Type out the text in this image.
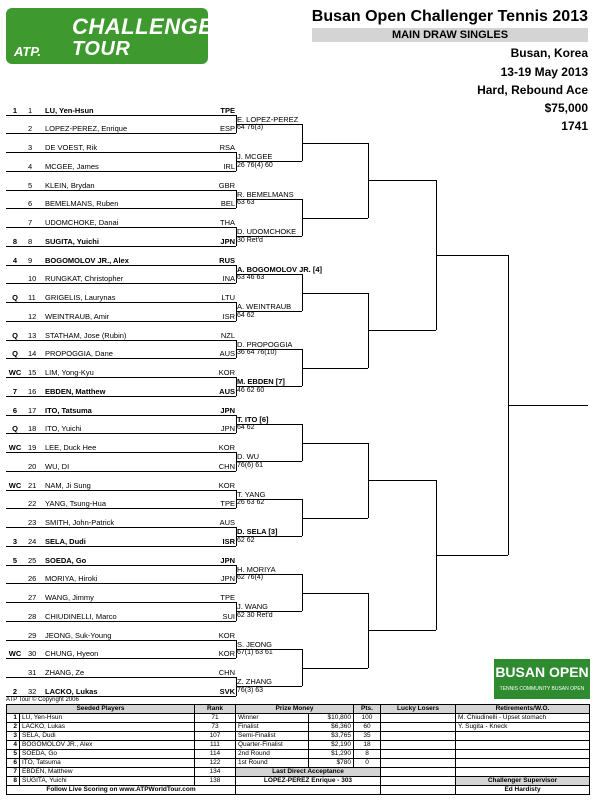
CHALLENGER
TOUR
ATP.
Busan Open Challenger Tennis 2013
MAIN DRAW SINGLES
Busan, Korea
13-19 May 2013
Hard, Rebound Ace
$75,000
1741
1	1 LU, Yen-Hsun	TPE
2 LOPEZ-PEREZ, Enrique	ESP
3 DE VOEST, Rik	RSA
4 MCGEE, James	IRL
5 KLEIN, Brydan	GBR
6 BEMELMANS, Ruben	BEL
7 UDOMCHOKE, Danai	THA
8	8 SUGITA, Yuichi	JPN
4	9 BOGOMOLOV JR., Alex	RUS
10 RUNGKAT, Christopher	INA
Q	11 GRIGELIS, Laurynas	LTU
12 WEINTRAUB, Amir	ISR
Q	13 STATHAM, Jose (Rubin)	NZL
Q	14 PROPOGGIA, Dane	AUS
WC 15 LIM, Yong-Kyu	KOR
7	16 EBDEN, Matthew	AUS
6	17 ITO, Tatsuma	JPN
Q	18 ITO, Yuichi	JPN
WC 19 LEE, Duck Hee	KOR
20 WU, DI	CHN
WC 21 NAM, Ji Sung	KOR
22 YANG, Tsung-Hua	TPE
23 SMITH, John-Patrick	AUS
3	24 SELA, Dudi	ISR
5	25 SOEDA, Go	JPN
26 MORIYA, Hiroki	JPN
27 WANG, Jimmy	TPE
28 CHIUDINELLI, Marco	SUI
29 JEONG, Suk-Young	KOR
WC 30 CHUNG, Hyeon	KOR
31 ZHANG, Ze	CHN
2	32 LACKO, Lukas	SVK
E. LOPEZ-PEREZ
64 76(3)
J. MCGEE
26 76(4) 60
R. BEMELMANS
63 63
D. UDOMCHOKE
30 Ret'd
A. BOGOMOLOV JR. [4]
63 46 63
A. WEINTRAUB
64 62
D. PROPOGGIA
36 64 76(10)
M. EBDEN [7]
46 62 60
T. ITO [6]
64 62
D. WU
76(6) 61
T. YANG
26 63 62
D. SELA [3]
62 62
H. MORIYA
62 76(4)
J. WANG
62 30 Ret'd
S. JEONG
67(1) 63 61
Z. ZHANG
76(3) 63
BUSAN OPEN
TENNIS COMMUNITY BUSAN OPEN
ATP Tour © Copyright 2006
Seeded Players		Rank	Prize Money		Pts.	Lucky Losers	Retirements/W.O.
1	LU, Yen-Hsun	71	Winner	$10,800	100		M. Chiudinelli - Upset stomach
2	LACKO, Lukas	73	Finalist	$6,360	60		Y. Sugita - Kneck
3	SELA, Dudi	107	Semi-Finalist	$3,765	35		
4	BOGOMOLOV JR., Alex	111	Quarter-Finalist	$2,190	18		
5	SOEDA, Go	114	2nd Round	$1,290	8		
6	ITO, Tatsuma	122	1st Round	$780	0		
7	EBDEN, Matthew	134	Last Direct Acceptance				
8	SUGITA, Yuichi	138	LOPEZ-PEREZ Enrique - 303				Challenger Supervisor
Follow Live Scoring on www.ATPWorldTour.com							Ed Hardisty
